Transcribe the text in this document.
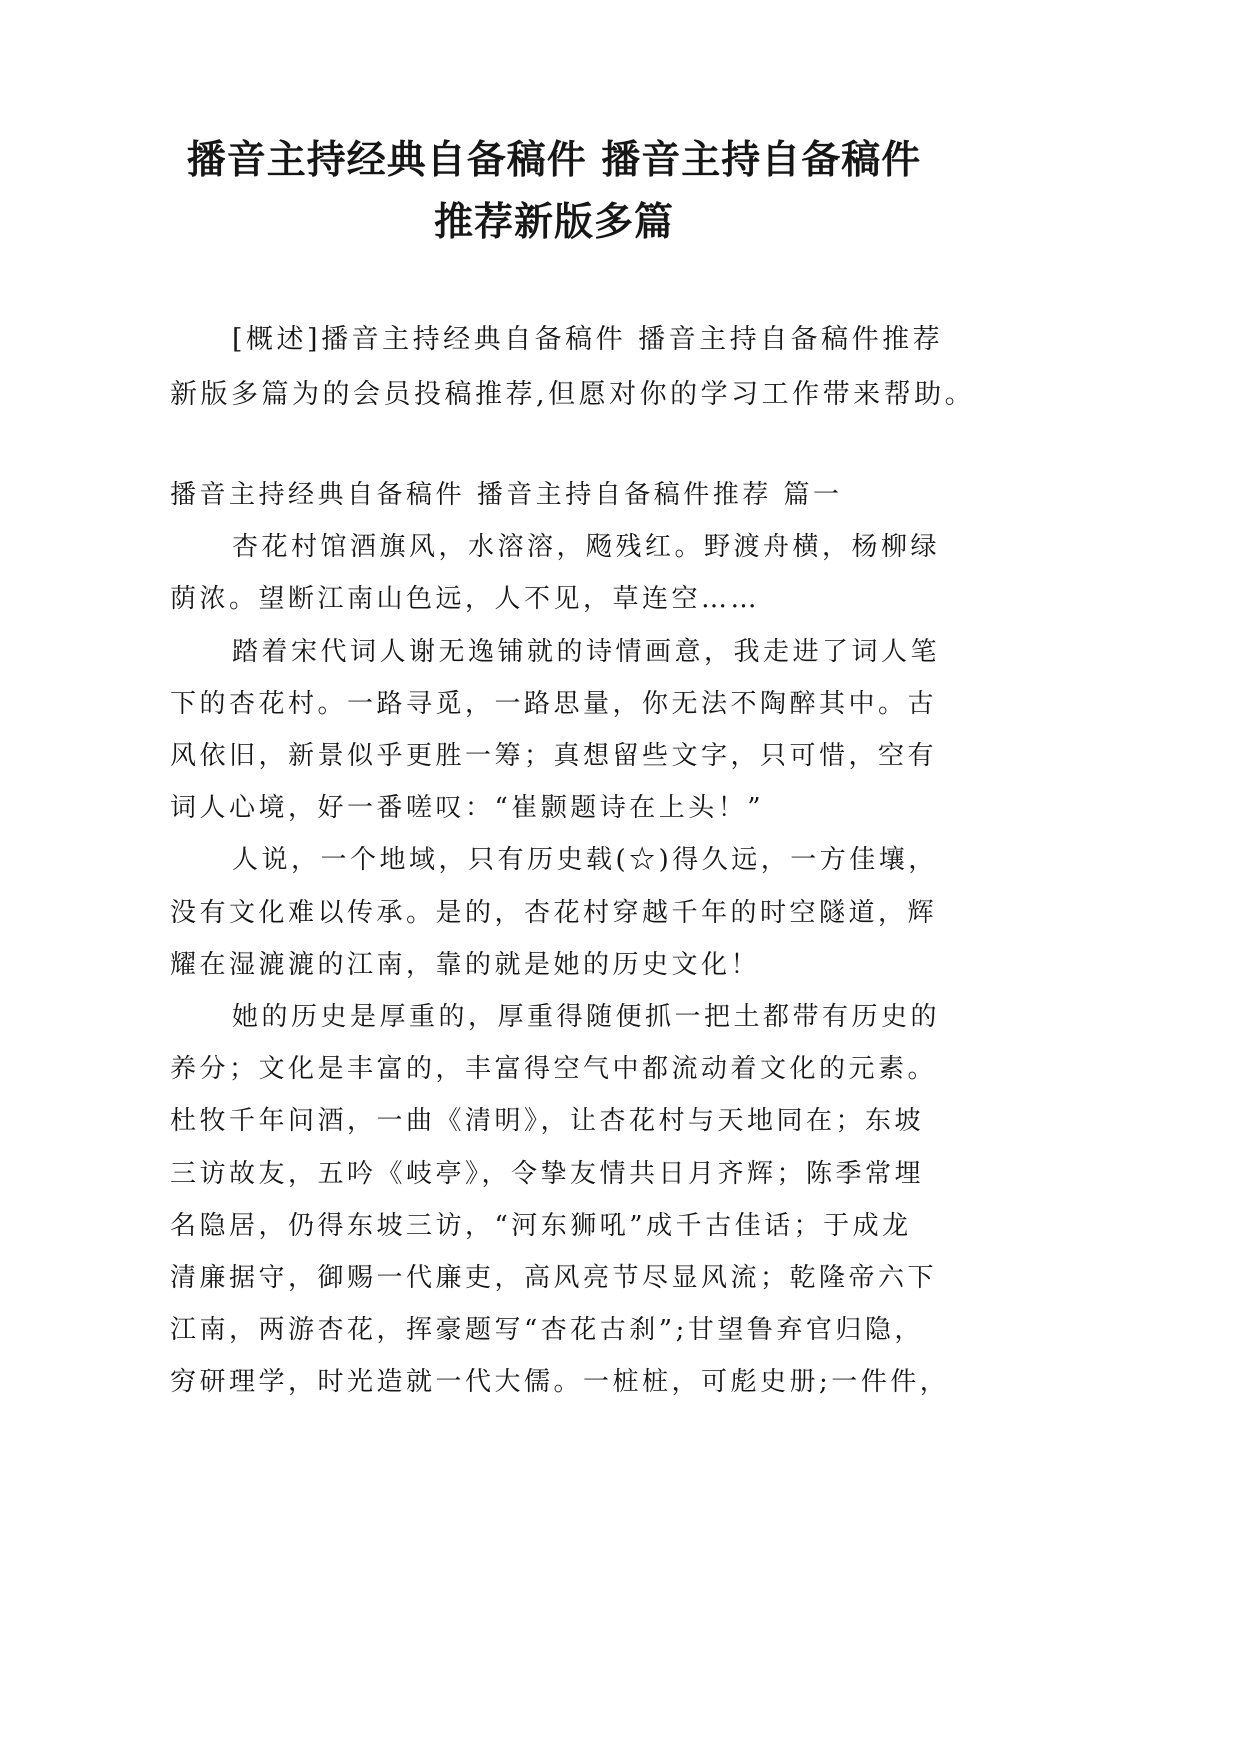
播音主持经典自备稿件 播音主持自备稿件
推荐新版多篇
[概述]播音主持经典自备稿件 播音主持自备稿件推荐
新版多篇为的会员投稿推荐,但愿对你的学习工作带来帮助。
播音主持经典自备稿件 播音主持自备稿件推荐 篇一
杏花村馆酒旗风，水溶溶，飏残红。野渡舟横，杨柳绿
荫浓。望断江南山色远，人不见，草连空……
踏着宋代词人谢无逸铺就的诗情画意，我走进了词人笔
下的杏花村。一路寻觅，一路思量，你无法不陶醉其中。古
风依旧，新景似乎更胜一筹；真想留些文字，只可惜，空有
词人心境，好一番嗟叹：“崔颢题诗在上头！”
人说，一个地域，只有历史载(☆)得久远，一方佳壤，
没有文化难以传承。是的，杏花村穿越千年的时空隧道，辉
耀在湿漉漉的江南，靠的就是她的历史文化！
她的历史是厚重的，厚重得随便抓一把土都带有历史的
养分；文化是丰富的，丰富得空气中都流动着文化的元素。
杜牧千年问酒，一曲《清明》，让杏花村与天地同在；东坡
三访故友，五吟《岐亭》，令挚友情共日月齐辉；陈季常埋
名隐居，仍得东坡三访，“河东狮吼”成千古佳话；于成龙
清廉据守，御赐一代廉吏，高风亮节尽显风流；乾隆帝六下
江南，两游杏花，挥豪题写“杏花古刹”;甘望鲁弃官归隐，
穷研理学，时光造就一代大儒。一桩桩，可彪史册;一件件，
